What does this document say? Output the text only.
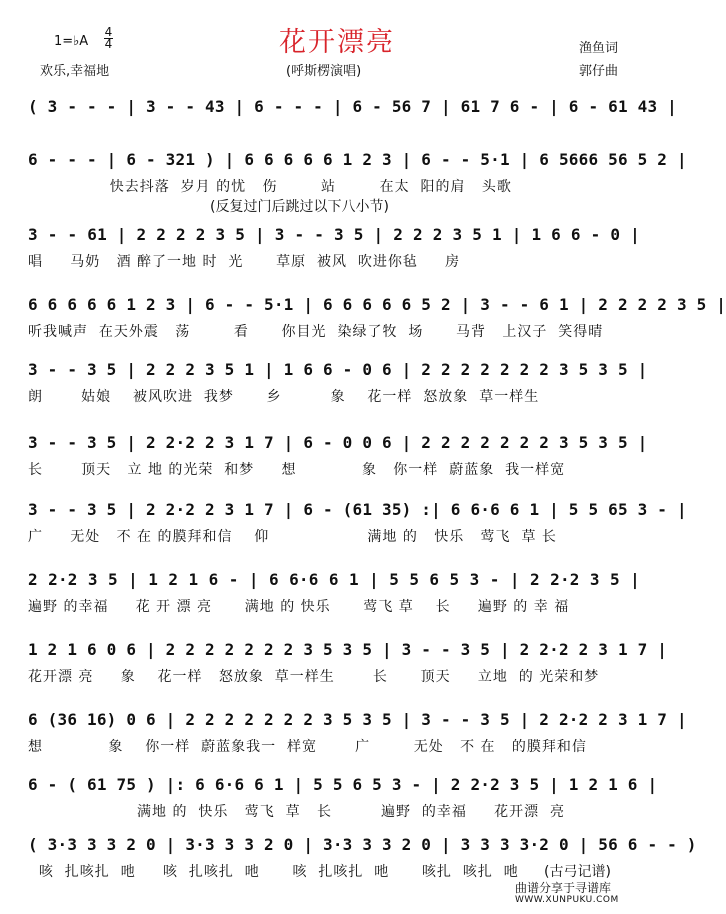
花开漂亮
1=♭A
4
4
欢乐,幸福地	(呼斯楞演唱)
渔鱼词
郭仔曲
( 3 - - - | 3 - - 43 | 6 - - - | 6 - 56 7 | 61 7 6 - | 6 - 61 43 |
6 - - - | 6 - 321 ) | 6 6 6 6 6 1 2 3 | 6 - - 5·1 | 6 5666 56 5 2 |
快去抖落  岁月 的忧   伤        站        在太  阳的肩   头歌
(反复过门后跳过以下八小节)
3 - - 61 | 2 2 2 2 3 5 | 3 - - 3 5 | 2 2 2 3 5 1 | 1 6 6 - 0 |
唱     马奶   酒 醉了一地 时  光      草原  被风  吹进你毡     房
6 6 6 6 6 1 2 3 | 6 - - 5·1 | 6 6 6 6 6 5 2 | 3 - - 6 1 | 2 2 2 2 3 5 |
听我喊声  在天外震   荡        看      你目光  染绿了牧  场      马背   上汉子  笑得晴
3 - - 3 5 | 2 2 2 3 5 1 | 1 6 6 - 0 6 | 2 2 2 2 2 2 2 3 5 3 5 |
朗       姑娘    被风吹进  我梦      乡         象    花一样  怒放象  草一样生
3 - - 3 5 | 2 2·2 2 3 1 7 | 6 - 0 0 6 | 2 2 2 2 2 2 2 3 5 3 5 |
长       顶天   立 地 的光荣  和梦     想            象   你一样  蔚蓝象  我一样宽
3 - - 3 5 | 2 2·2 2 3 1 7 | 6 - (61 35) :| 6 6·6 6 1 | 5 5 65 3 - |
广     无处   不 在 的膜拜和信    仰                  满地 的   快乐   莺飞  草 长
2 2·2 3 5 | 1 2 1 6 - | 6 6·6 6 1 | 5 5 6 5 3 - | 2 2·2 3 5 |
遍野 的幸福     花 开 漂 亮      满地 的 快乐      莺飞 草    长     遍野 的 幸 福
1 2 1 6 0 6 | 2 2 2 2 2 2 2 3 5 3 5 | 3 - - 3 5 | 2 2·2 2 3 1 7 |
花开漂 亮     象    花一样   怒放象  草一样生       长      顶天     立地  的 光荣和梦
6 (36 16) 0 6 | 2 2 2 2 2 2 2 3 5 3 5 | 3 - - 3 5 | 2 2·2 2 3 1 7 |
想            象    你一样  蔚蓝象我一  样宽       广        无处   不 在   的膜拜和信
6 - ( 61 75 ) |: 6 6·6 6 1 | 5 5 6 5 3 - | 2 2·2 3 5 | 1 2 1 6 |
满地 的  快乐   莺飞  草   长         遍野  的幸福     花开漂  亮
( 3·3 3 3 2 0 | 3·3 3 3 2 0 | 3·3 3 3 2 0 | 3 3 3 3·2 0 | 56 6 - - )
咳  扎咳扎  吔     咳  扎咳扎  吔      咳  扎咳扎  吔      咳扎  咳扎  吔	(古弓记谱)
曲谱分享于寻谱库
WWW.XUNPUKU.COM
